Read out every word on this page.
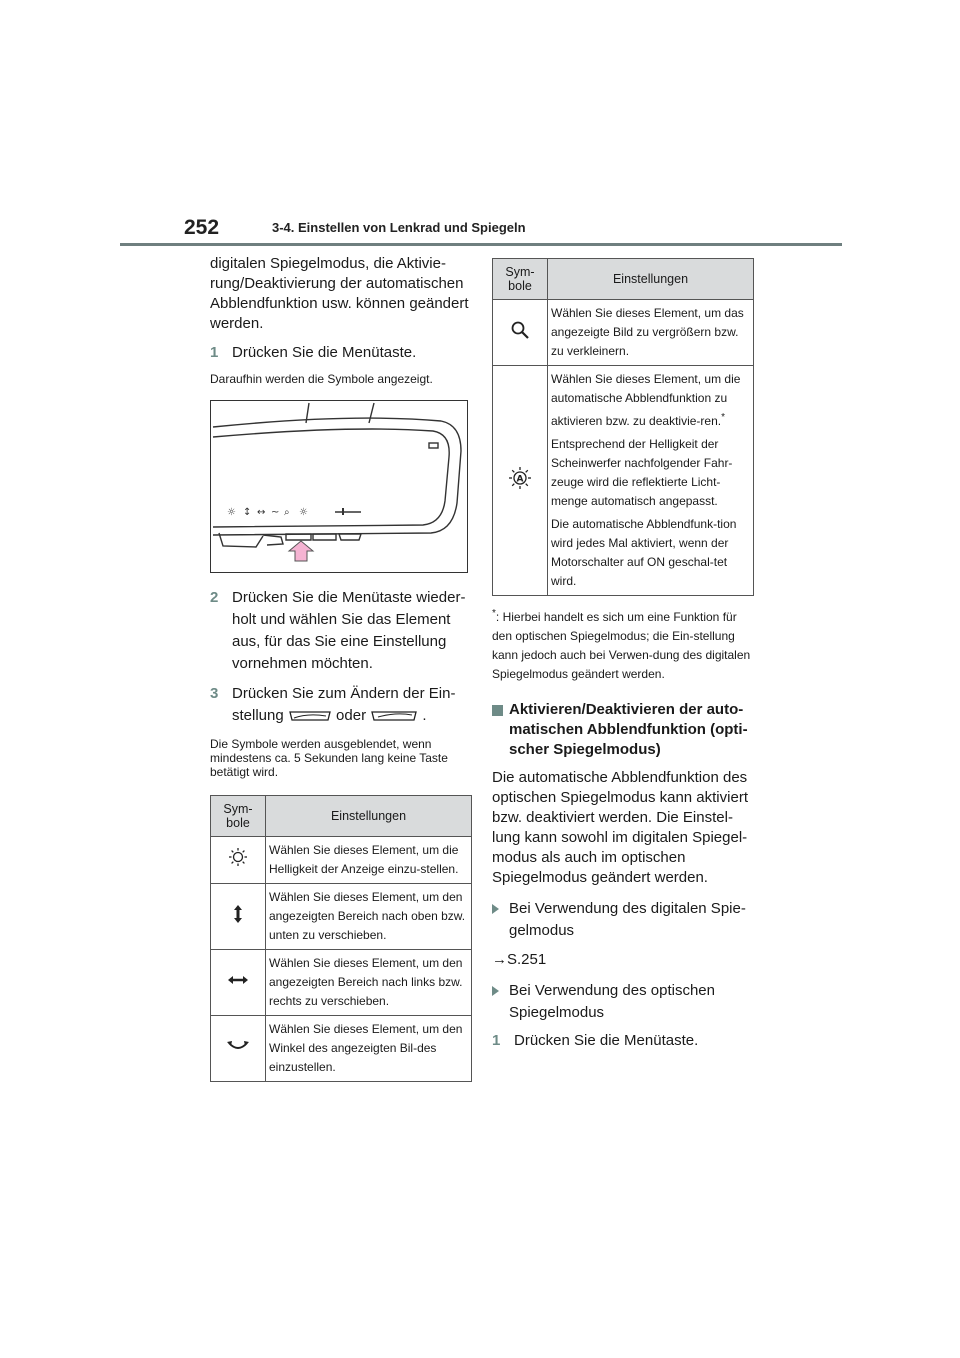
252	3-4. Einstellen von Lenkrad und Spiegeln

digitalen Spiegelmodus, die Aktivie-rung/Deaktivierung der automatischen Abblendfunktion usw. können geändert werden.

1 Drücken Sie die Menütaste.

Daraufhin werden die Symbole angezeigt.

☼ ↕ ↔ ~ ⌕ ☼
2 Drücken Sie die Menütaste wieder-holt und wählen Sie das Element aus, für das Sie eine Einstellung vornehmen möchten.
3 Drücken Sie zum Ändern der Ein-stellung	oder	.

Die Symbole werden ausgeblendet, wenn mindestens ca. 5 Sekunden lang keine Taste betätigt wird.

Sym-bole	Einstellungen
	Wählen Sie dieses Element, um die Helligkeit der Anzeige einzu-stellen.
	Wählen Sie dieses Element, um den angezeigten Bereich nach oben bzw. unten zu verschieben.
	Wählen Sie dieses Element, um den angezeigten Bereich nach links bzw. rechts zu verschieben.
	Wählen Sie dieses Element, um den Winkel des angezeigten Bil-des einzustellen.
Sym-bole	Einstellungen
	Wählen Sie dieses Element, um das angezeigte Bild zu vergrößern bzw. zu verkleinern.

A	Wählen Sie dieses Element, um die automatische Abblendfunktion zu aktivieren bzw. zu deaktivie-ren.*

Entsprechend der Helligkeit der Scheinwerfer nachfolgender Fahr-zeuge wird die reflektierte Licht-menge automatisch angepasst.

Die automatische Abblendfunk-tion wird jedes Mal aktiviert, wenn der Motorschalter auf ON geschal-tet wird.

*: Hierbei handelt es sich um eine Funktion für den optischen Spiegelmodus; die Ein-stellung kann jedoch auch bei Verwen-dung des digitalen Spiegelmodus geändert werden.

Aktivieren/Deaktivieren der auto-matischen Abblendfunktion (opti-scher Spiegelmodus)

Die automatische Abblendfunktion des optischen Spiegelmodus kann aktiviert bzw. deaktiviert werden. Die Einstel-lung kann sowohl im digitalen Spiegel-modus als auch im optischen Spiegelmodus geändert werden.

Bei Verwendung des digitalen Spie-gelmodus
→S.251
Bei Verwendung des optischen Spiegelmodus
1 Drücken Sie die Menütaste.
